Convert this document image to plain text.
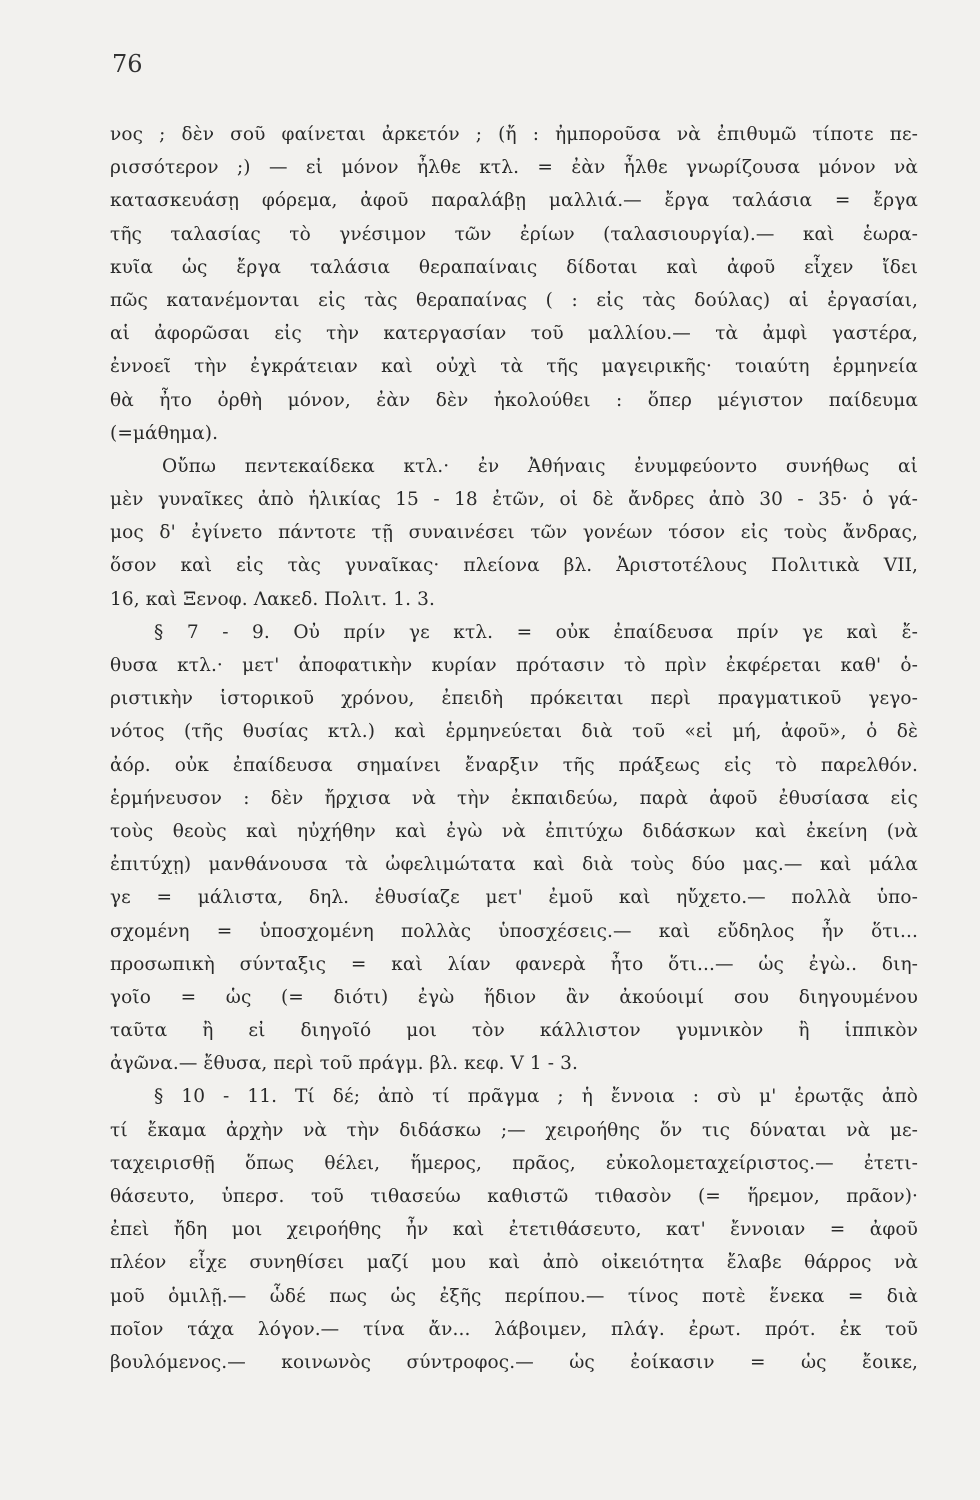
76
νος ; δὲν σοῦ φαίνεται ἀρκετόν ; (ἤ : ἠμποροῦσα νὰ ἐπιθυμῶ τίποτε πε-
ρισσότερον ;) — εἰ μόνον ἦλθε κτλ. = ἐὰν ἦλθε γνωρίζουσα μόνον νὰ
κατασκευάσῃ φόρεμα, ἀφοῦ παραλάβῃ μαλλιά.— ἔργα ταλάσια = ἔργα
τῆς ταλασίας τὸ γνέσιμον τῶν ἐρίων (ταλασιουργία).— καὶ ἑωρα-
κυῖα ὡς ἔργα ταλάσια θεραπαίναις δίδοται καὶ ἀφοῦ εἶχεν ἴδει
πῶς κατανέμονται εἰς τὰς θεραπαίνας ( : εἰς τὰς δούλας) αἱ ἐργασίαι,
αἱ ἀφορῶσαι εἰς τὴν κατεργασίαν τοῦ μαλλίου.— τὰ ἀμφὶ γαστέρα,
ἐννοεῖ τὴν ἐγκράτειαν καὶ οὐχὶ τὰ τῆς μαγειρικῆς· τοιαύτη ἑρμηνεία
θὰ ἦτο ὀρθὴ μόνον, ἐὰν δὲν ἠκολούθει : ὅπερ μέγιστον παίδευμα
(=μάθημα).
Οὔπω πεντεκαίδεκα κτλ.· ἐν Ἀθήναις ἐνυμφεύοντο συνήθως αἱ
μὲν γυναῖκες ἀπὸ ἡλικίας 15 - 18 ἐτῶν, οἱ δὲ ἄνδρες ἀπὸ 30 - 35· ὁ γά-
μος δ' ἐγίνετο πάντοτε τῇ συναινέσει τῶν γονέων τόσον εἰς τοὺς ἄνδρας,
ὅσον καὶ εἰς τὰς γυναῖκας· πλείονα βλ. Ἀριστοτέλους Πολιτικὰ VII,
16, καὶ Ξενοφ. Λακεδ. Πολιτ. 1. 3.
§ 7 - 9. Οὐ πρίν γε κτλ. = οὐκ ἐπαίδευσα πρίν γε καὶ ἔ-
θυσα κτλ.· μετ' ἀποφατικὴν κυρίαν πρότασιν τὸ πρὶν ἐκφέρεται καθ' ὁ-
ριστικὴν ἱστορικοῦ χρόνου, ἐπειδὴ πρόκειται περὶ πραγματικοῦ γεγο-
νότος (τῆς θυσίας κτλ.) καὶ ἑρμηνεύεται διὰ τοῦ «εἰ μή, ἀφοῦ», ὁ δὲ
ἀόρ. οὐκ ἐπαίδευσα σημαίνει ἔναρξιν τῆς πράξεως εἰς τὸ παρελθόν.
ἑρμήνευσον : δὲν ἤρχισα νὰ τὴν ἐκπαιδεύω, παρὰ ἀφοῦ ἐθυσίασα εἰς
τοὺς θεοὺς καὶ ηὐχήθην καὶ ἐγὼ νὰ ἐπιτύχω διδάσκων καὶ ἐκείνη (νὰ
ἐπιτύχῃ) μανθάνουσα τὰ ὠφελιμώτατα καὶ διὰ τοὺς δύο μας.— καὶ μάλα
γε = μάλιστα, δηλ. ἐθυσίαζε μετ' ἐμοῦ καὶ ηὔχετο.— πολλὰ ὑπο-
σχομένη = ὑποσχομένη πολλὰς ὑποσχέσεις.— καὶ εὔδηλος ἦν ὅτι...
προσωπικὴ σύνταξις = καὶ λίαν φανερὰ ἦτο ὅτι...— ὡς ἐγὼ.. διη-
γοῖο = ὡς (= διότι) ἐγὼ ἥδιον ἂν ἀκούοιμί σου διηγουμένου
ταῦτα ἢ εἰ διηγοῖό μοι τὸν κάλλιστον γυμνικὸν ἢ ἱππικὸν
ἀγῶνα.— ἔθυσα, περὶ τοῦ πράγμ. βλ. κεφ. V 1 - 3.
§ 10 - 11. Τί δέ; ἀπὸ τί πρᾶγμα ; ἡ ἔννοια : σὺ μ' ἐρωτᾷς ἀπὸ
τί ἔκαμα ἀρχὴν νὰ τὴν διδάσκω ;— χειροήθης ὅν τις δύναται νὰ με-
ταχειρισθῇ ὅπως θέλει, ἥμερος, πρᾶος, εὐκολομεταχείριστος.— ἐτετι-
θάσευτο, ὑπερσ. τοῦ τιθασεύω καθιστῶ τιθασὸν (= ἥρεμον, πρᾶον)·
ἐπεὶ ἤδη μοι χειροήθης ἦν καὶ ἐτετιθάσευτο, κατ' ἔννοιαν = ἀφοῦ
πλέον εἶχε συνηθίσει μαζί μου καὶ ἀπὸ οἰκειότητα ἔλαβε θάρρος νὰ
μοῦ ὁμιλῇ.— ὧδέ πως ὡς ἐξῆς περίπου.— τίνος ποτὲ ἕνεκα = διὰ
ποῖον τάχα λόγον.— τίνα ἄν... λάβοιμεν, πλάγ. ἐρωτ. πρότ. ἐκ τοῦ
βουλόμενος.— κοινωνὸς σύντροφος.— ὡς ἐοίκασιν = ὡς ἔοικε,
